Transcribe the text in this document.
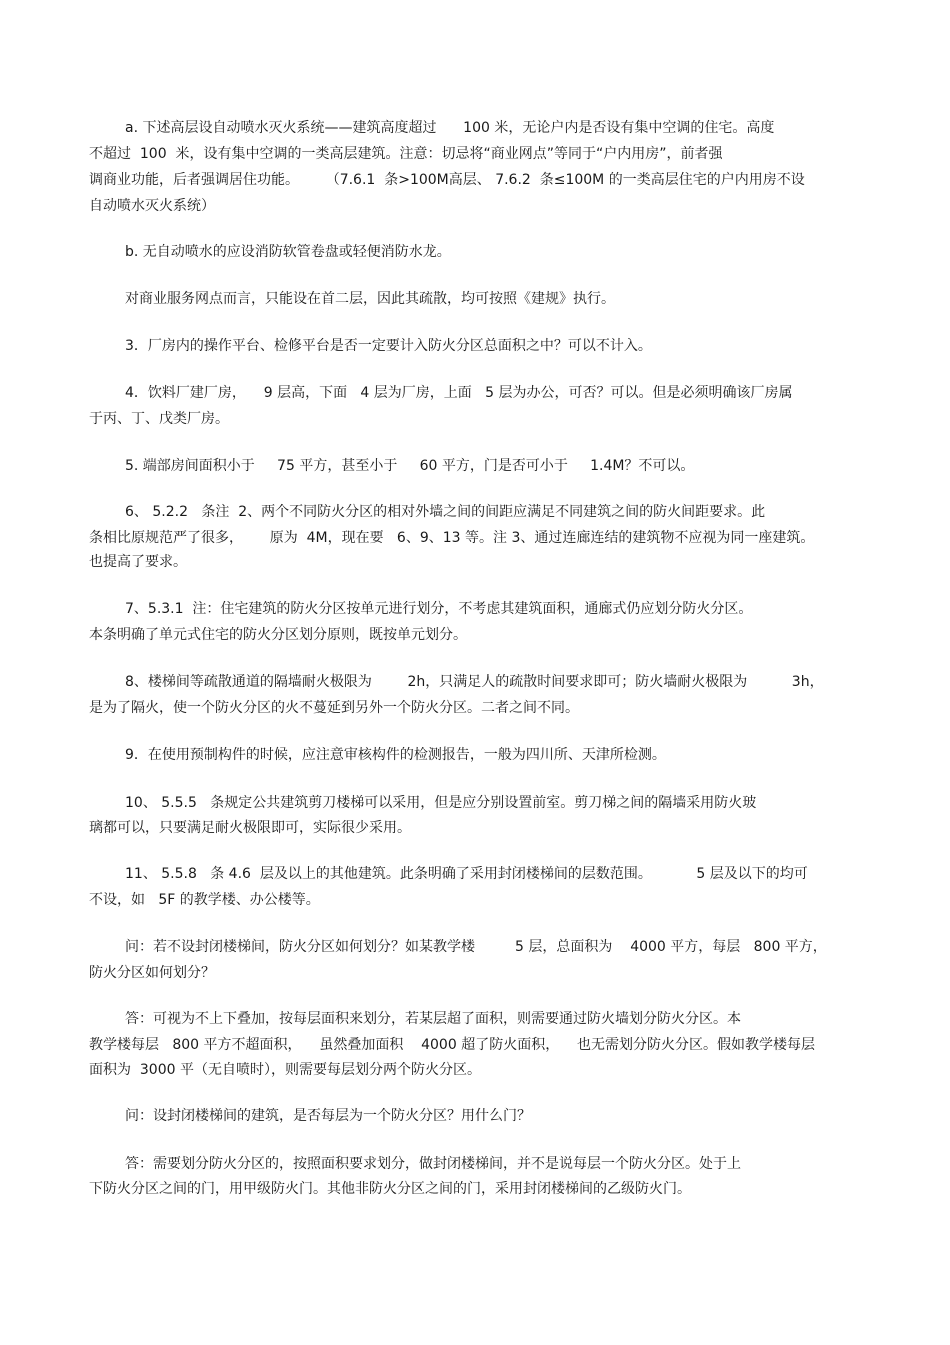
a. 下述高层设自动喷水灭火系统——建筑高度超过      100 米，无论户内是否设有集中空调的住宅。高度

不超过  100  米，设有集中空调的一类高层建筑。注意：切忌将“商业网点”等同于“户内用房”，前者强

调商业功能，后者强调居住功能。      （7.6.1  条>100M高层、 7.6.2  条≤100M 的一类高层住宅的户内用房不设

自动喷水灭火系统）

b. 无自动喷水的应设消防软管卷盘或轻便消防水龙。

对商业服务网点而言，只能设在首二层，因此其疏散，均可按照《建规》执行。

3．厂房内的操作平台、检修平台是否一定要计入防火分区总面积之中？可以不计入。

4．饮料厂建厂房，    9 层高，下面   4 层为厂房，上面   5 层为办公，可否？可以。但是必须明确该厂房属

于丙、丁、戊类厂房。

5. 端部房间面积小于     75 平方，甚至小于     60 平方，门是否可小于     1.4M？不可以。

6、 5.2.2   条注  2、两个不同防火分区的相对外墙之间的间距应满足不同建筑之间的防火间距要求。此

条相比原规范严了很多，      原为  4M，现在要   6、9、13 等。注 3、通过连廊连结的建筑物不应视为同一座建筑。

也提高了要求。

7、5.3.1  注：住宅建筑的防火分区按单元进行划分，不考虑其建筑面积，通廊式仍应划分防火分区。

本条明确了单元式住宅的防火分区划分原则，既按单元划分。

8、楼梯间等疏散通道的隔墙耐火极限为        2h，只满足人的疏散时间要求即可；防火墙耐火极限为          3h，

是为了隔火，使一个防火分区的火不蔓延到另外一个防火分区。二者之间不同。

9．在使用预制构件的时候，应注意审核构件的检测报告，一般为四川所、天津所检测。

10、 5.5.5   条规定公共建筑剪刀楼梯可以采用，但是应分别设置前室。剪刀梯之间的隔墙采用防火玻

璃都可以，只要满足耐火极限即可，实际很少采用。

11、 5.5.8   条 4.6  层及以上的其他建筑。此条明确了采用封闭楼梯间的层数范围。          5 层及以下的均可

不设，如   5F 的教学楼、办公楼等。

问：若不设封闭楼梯间，防火分区如何划分？如某教学楼         5 层，总面积为    4000 平方，每层   800 平方，

防火分区如何划分？

答：可视为不上下叠加，按每层面积来划分，若某层超了面积，则需要通过防火墙划分防火分区。本

教学楼每层   800 平方不超面积，    虽然叠加面积    4000 超了防火面积，    也无需划分防火分区。假如教学楼每层

面积为  3000 平（无自喷时），则需要每层划分两个防火分区。

问：设封闭楼梯间的建筑，是否每层为一个防火分区？用什么门？

答：需要划分防火分区的，按照面积要求划分，做封闭楼梯间，并不是说每层一个防火分区。处于上

下防火分区之间的门，用甲级防火门。其他非防火分区之间的门，采用封闭楼梯间的乙级防火门。
